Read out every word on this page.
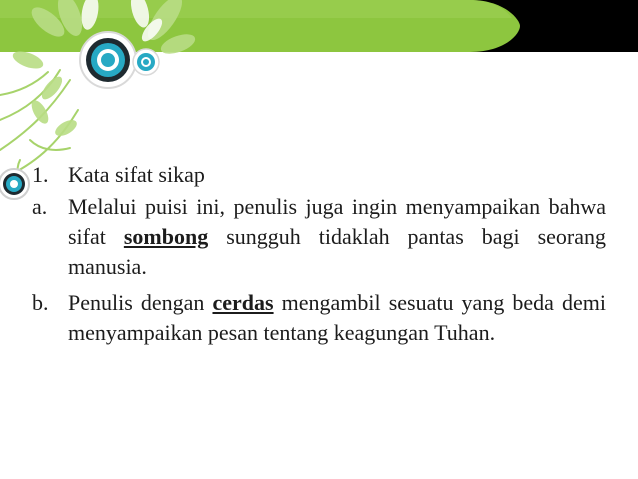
1. Kata sifat sikap

a. Melalui puisi ini, penulis juga ingin menyampaikan bahwa sifat sombong sungguh tidaklah pantas bagi seorang manusia.

b. Penulis dengan cerdas mengambil sesuatu yang beda demi menyampaikan pesan tentang keagungan Tuhan.
